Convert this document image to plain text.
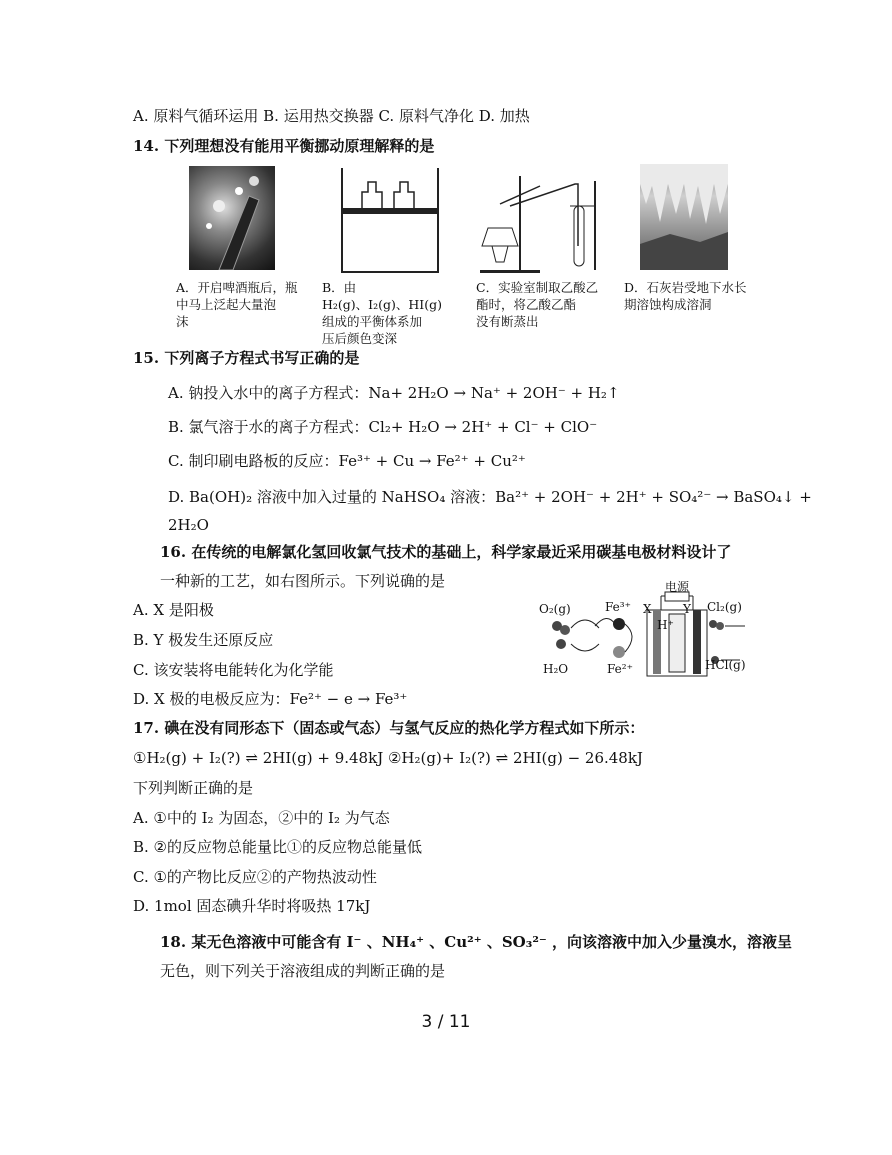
A. 原料气循环运用 B. 运用热交换器 C. 原料气净化 D. 加热
14. 下列理想没有能用平衡挪动原理解释的是
A．开启啤酒瓶后，瓶
中马上泛起大量泡
沫
B．由
H₂(g)、I₂(g)、HI(g)
组成的平衡体系加
压后颜色变深
C．实验室制取乙酸乙
酯时，将乙酸乙酯
没有断蒸出
D．石灰岩受地下水长
期溶蚀构成溶洞
15. 下列离子方程式书写正确的是
A. 钠投入水中的离子方程式：Na+ 2H₂O → Na⁺ + 2OH⁻ + H₂↑
B. 氯气溶于水的离子方程式：Cl₂+ H₂O → 2H⁺ + Cl⁻ + ClO⁻
C. 制印刷电路板的反应：Fe³⁺ + Cu → Fe²⁺ + Cu²⁺
D. Ba(OH)₂ 溶液中加入过量的 NaHSO₄ 溶液：Ba²⁺ + 2OH⁻ + 2H⁺ + SO₄²⁻ → BaSO₄↓ +
2H₂O
16. 在传统的电解氯化氢回收氯气技术的基础上，科学家最近采用碳基电极材料设计了
一种新的工艺，如右图所示。下列说确的是
A. X 是阳极
B. Y 极发生还原反应
C. 该安装将电能转化为化学能
D. X 极的电极反应为：Fe²⁺ − e → Fe³⁺
电源
O₂(g)
H₂O
Fe³⁺
Fe²⁺
X	Y
H⁺
Cl₂(g)
HCl(g)
17. 碘在没有同形态下（固态或气态）与氢气反应的热化学方程式如下所示：
①H₂(g) + I₂(?) ⇌ 2HI(g) + 9.48kJ ②H₂(g)+ I₂(?) ⇌ 2HI(g) − 26.48kJ
下列判断正确的是
A. ①中的 I₂ 为固态，②中的 I₂ 为气态
B. ②的反应物总能量比①的反应物总能量低
C. ①的产物比反应②的产物热波动性
D. 1mol 固态碘升华时将吸热 17kJ
18. 某无色溶液中可能含有 I⁻ 、NH₄⁺ 、Cu²⁺ 、SO₃²⁻ ，向该溶液中加入少量溴水，溶液呈
无色，则下列关于溶液组成的判断正确的是
3 / 11
